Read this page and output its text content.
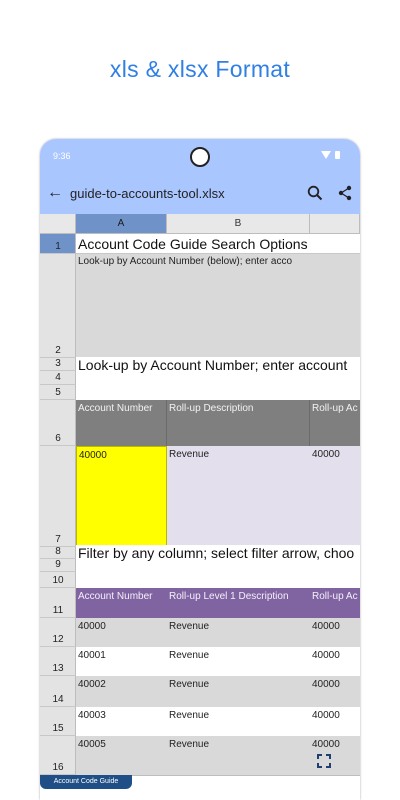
xls & xlsx Format
9:36
← guide-to-accounts-tool.xlsx
A	B
1
2
3
4
5
6
7
8
9
10
11
12
13
14
15
16
Account Code Guide Search Options
Look-up by Account Number (below); enter acco
Look-up by Account Number; enter account
Account Number	Roll-up Description	Roll-up Ac
40000	Revenue	40000
Filter by any column; select filter arrow, choo
Account Number	Roll-up Level 1 Description	Roll-up Ac
40000	Revenue	40000
40001	Revenue	40000
40002	Revenue	40000
40003	Revenue	40000
40005	Revenue	40000
Account Code Guide
